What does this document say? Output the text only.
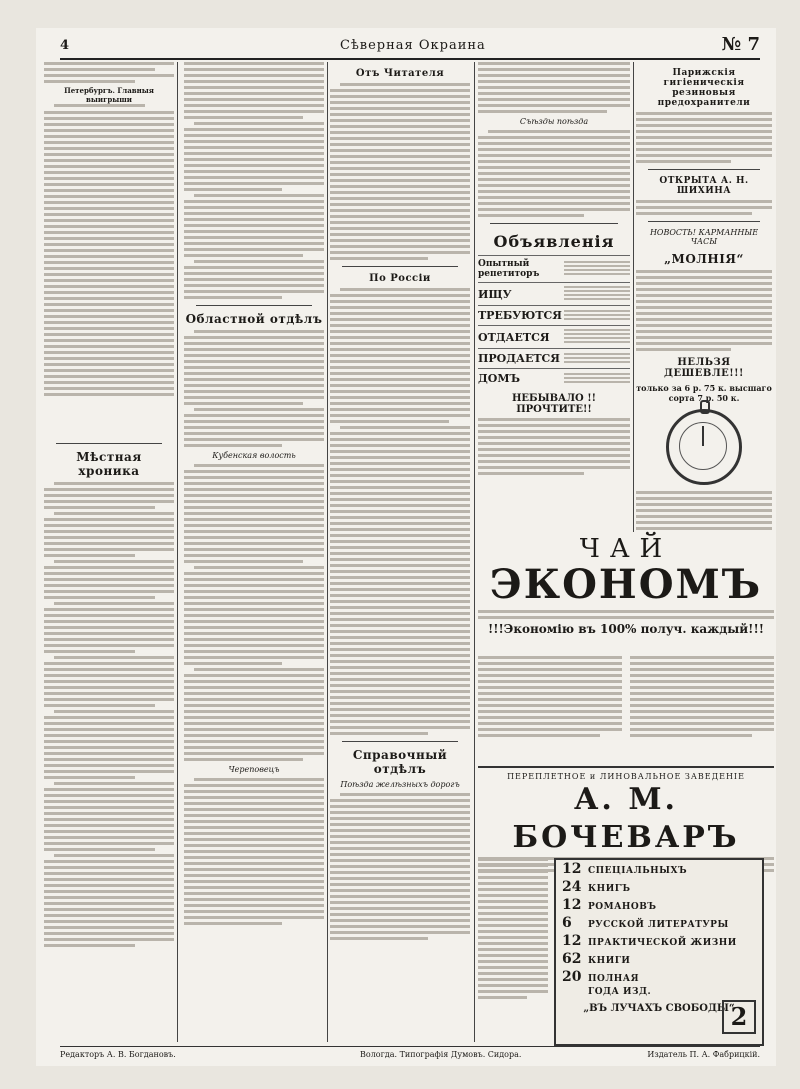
4	Сѣверная Окраина	№ 7
Петербургъ. Главныя выигрыши
Мѣстная хроника
Областной отдѣлъ
Кубенская волость
Череповецъ
Отъ Читателя
По Россіи
Справочный отдѣлъ
Поѣзда желѣзныхъ дорогъ
Съѣзды поѣзда
Объявленія
Опытный репетиторъ
ИЩУ
ТРЕБУЮТСЯ
ОТДАЕТСЯ
ПРОДАЕТСЯ
ДОМЪ
НЕБЫВАЛО !!ПРОЧТИТЕ!!
Парижскія гигіеническія резиновыя предохранители
ОТКРЫТА А. Н. ШИХИНА
НОВОСТЬ! КАРМАННЫЕ ЧАСЫ
„МОЛНІЯ“
НЕЛЬЗЯ ДЕШЕВЛЕ!!!
только за 6 р. 75 к. высшаго сорта 7 р. 50 к.
ЧАЙ
ЭКОНОМЪ
!!!Экономію въ 100% получ. каждый!!!
ПЕРЕПЛЕТНОЕ и ЛИНОВАЛЬНОЕ ЗАВЕДЕНІЕ
А. М. БОЧЕВАРЪ
12 СПЕЦІАЛЬНЫХЪ
24 КНИГЪ
12 РОМАНОВЪ
6	РУССКОЙ ЛИТЕРАТУРЫ
12 ПРАКТИЧЕСКОЙ ЖИЗНИ
62 КНИГИ
20 ПОЛНАЯ
ГОДА ИЗД.
„ВЪ ЛУЧАХЪ СВОБОДЫ“
2
Редакторъ А. В. Богдановъ.	Вологда. Типографія Думовъ. Сидора.	Издатель П. А. Фабрицкій.
